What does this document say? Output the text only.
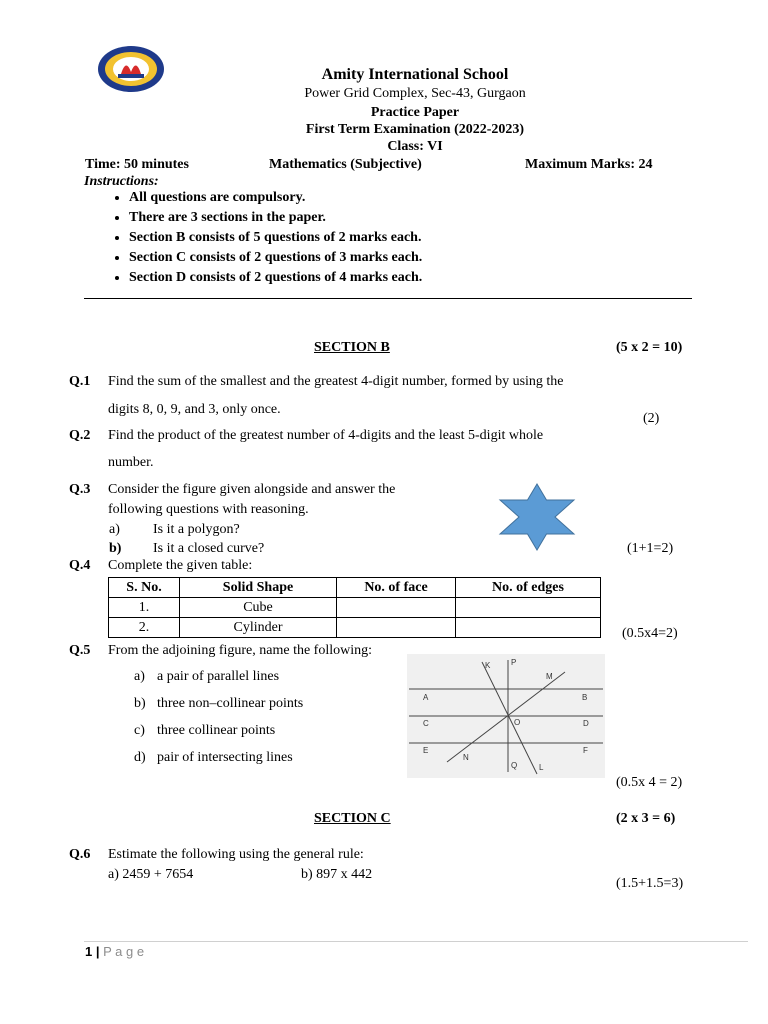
Amity International School
Power Grid Complex, Sec-43, Gurgaon
Practice Paper
First Term Examination (2022-2023)
Class: VI
Time: 50 minutes	Mathematics (Subjective)	Maximum Marks: 24
Instructions:
• All questions are compulsory.
• There are 3 sections in the paper.
• Section B consists of 5 questions of 2 marks each.
• Section C consists of 2 questions of 3 marks each.
• Section D consists of 2 questions of 4 marks each.
SECTION B	(5 x 2 = 10)
Q.1 Find the sum of the smallest and the greatest 4-digit number, formed by using the
digits 8, 0, 9, and 3, only once.
(2)
Q.2 Find the product of the greatest number of 4-digits and the least 5-digit whole
number.
Q.3 Consider the figure given alongside and answer the
following questions with reasoning.
a) Is it a polygon?
b) Is it a closed curve?	(1+1=2)
Q.4 Complete the given table:
S. No.	Solid Shape	No. of face	No. of edges
1.	Cube		
2.	Cylinder			(0.5x4=2)
Q.5 From the adjoining figure, name the following:
a) a pair of parallel lines
b) three non–collinear points
c) three collinear points
d) pair of intersecting lines
A	B
C	D
E	F
K	P
M
O
N
Q	L
(0.5x 4 = 2)
SECTION C	(2 x 3 = 6)
Q.6 Estimate the following using the general rule:
a) 2459 + 7654	b) 897 x 442
(1.5+1.5=3)
1 | P a g e
